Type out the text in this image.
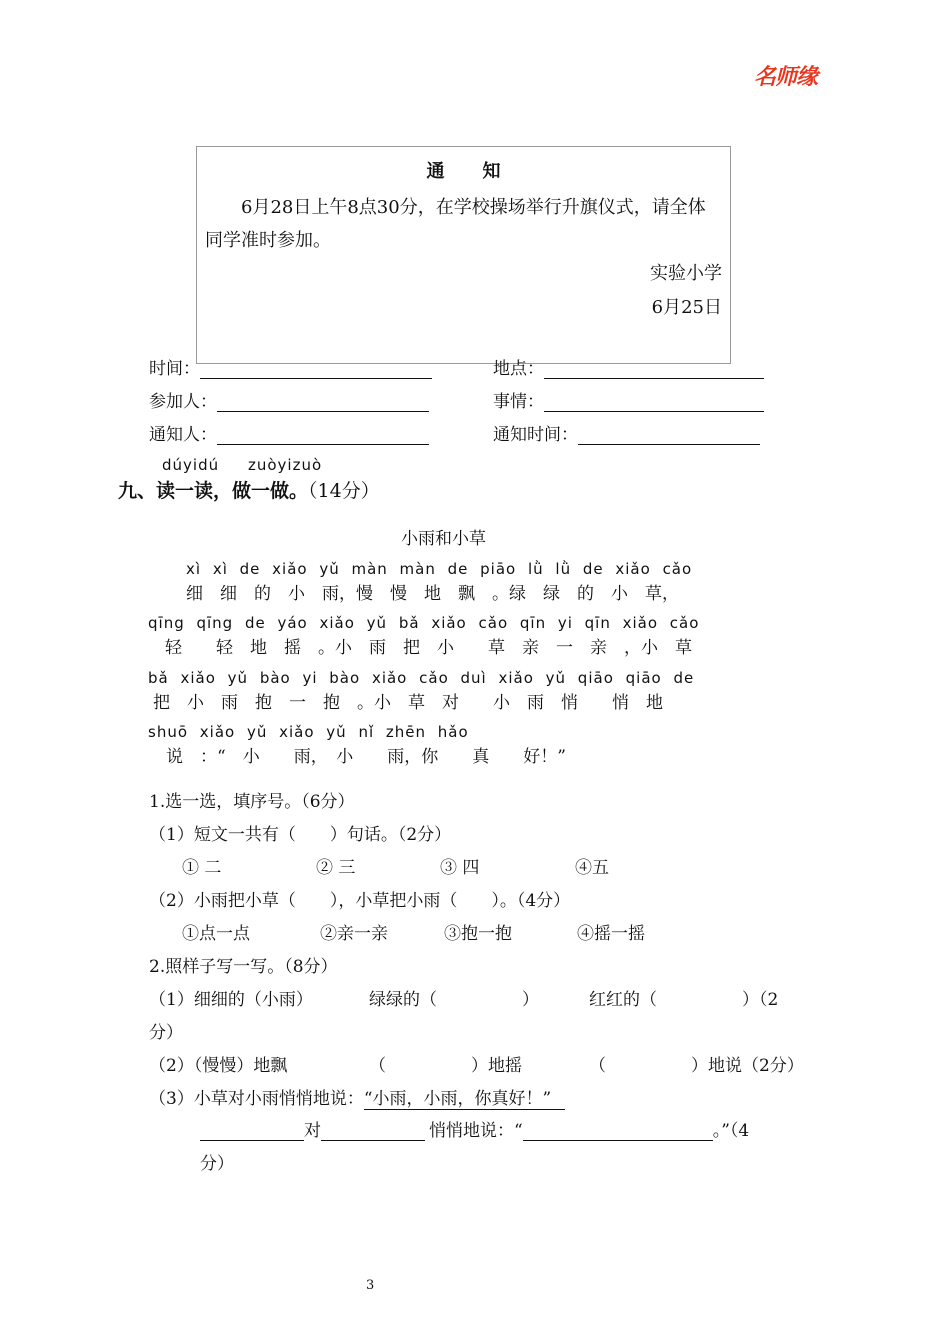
名师缘
通知
6月28日上午8点30分，在学校操场举行升旗仪式，请全体同学准时参加。
实验小学
6月25日
时间：	地点：
参加人：	事情：
通知人：	通知时间：
dúyidú zuòyizuò
九、读一读，做一做。（14分）
小雨和小草
xì xì de xiǎo yǔ màn màn de piāo lǜ lǜ de xiǎo cǎo
细　细　的　小　雨，慢　慢　地　飘　。绿　绿　的　小　草，
qīng qīng de yáo xiǎo yǔ bǎ xiǎo cǎo qīn yi qīn xiǎo cǎo
轻　　轻　地　摇　。小　雨　把　小　　草　亲　一　亲　，小　草
bǎ xiǎo yǔ bào yi bào xiǎo cǎo duì xiǎo yǔ qiāo qiāo de
把　小　雨　抱　一　抱　。小　草　对　　小　雨　悄　　悄　地
shuō xiǎo yǔ xiǎo yǔ nǐ zhēn hǎo
说　：“　小　　雨，　小　　雨，你　　真　　好！”
1.选一选，填序号。（6分）
（1）短文一共有（　　）句话。（2分）
① 二	② 三	③ 四	④五
（2）小雨把小草（　　），小草把小雨（　　）。（4分）
①点一点	②亲一亲	③抱一抱	④摇一摇
2.照样子写一写。（8分）
（1）细细的（小雨）	绿绿的（　　　　　）	红红的（　　　　　）（2
分）
（2）（慢慢）地飘	（　　　　　）地摇	（　　　　　）地说（2分）
（3）小草对小雨悄悄地说：“小雨，小雨，你真好！”
对	悄悄地说：“	。”（4
分）
3
